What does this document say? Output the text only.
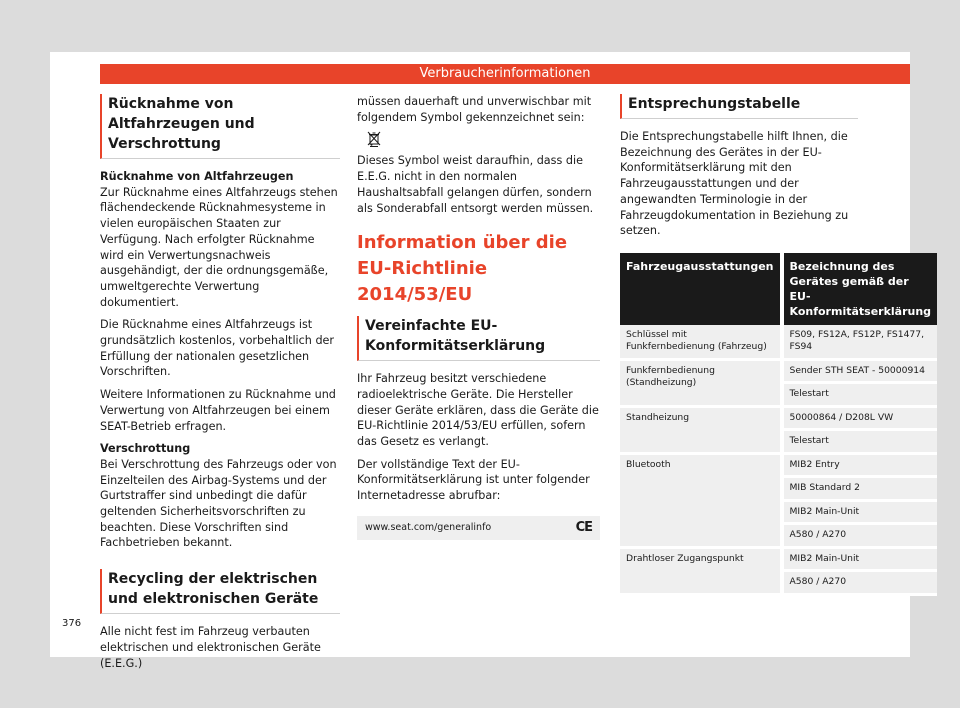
Verbraucherinformationen
Rücknahme von Altfahrzeugen und Verschrottung

Rücknahme von Altfahrzeugen

Zur Rücknahme eines Altfahrzeugs stehen flächendeckende Rücknahmesysteme in vielen europäischen Staaten zur Verfügung. Nach erfolgter Rücknahme wird ein Verwertungsnachweis ausgehändigt, der die ordnungsgemäße, umweltgerechte Verwertung dokumentiert.

Die Rücknahme eines Altfahrzeugs ist grundsätzlich kostenlos, vorbehaltlich der Erfüllung der nationalen gesetzlichen Vorschriften.

Weitere Informationen zu Rücknahme und Verwertung von Altfahrzeugen bei einem SEAT-Betrieb erfragen.

Verschrottung

Bei Verschrottung des Fahrzeugs oder von Einzelteilen des Airbag-Systems und der Gurtstraffer sind unbedingt die dafür geltenden Sicherheitsvorschriften zu beachten. Diese Vorschriften sind Fachbetrieben bekannt.

Recycling der elektrischen und elektronischen Geräte

Alle nicht fest im Fahrzeug verbauten elektrischen und elektronischen Geräte (E.E.G.)

müssen dauerhaft und unverwischbar mit folgendem Symbol gekennzeichnet sein:

Dieses Symbol weist daraufhin, dass die E.E.G. nicht in den normalen Haushaltsabfall gelangen dürfen, sondern als Sonderabfall entsorgt werden müssen.

Information über die EU-Richtlinie 2014/53/EU
Vereinfachte EU-Konformitätserklärung

Ihr Fahrzeug besitzt verschiedene radioelektrische Geräte. Die Hersteller dieser Geräte erklären, dass die Geräte die EU-Richtlinie 2014/53/EU erfüllen, sofern das Gesetz es verlangt.

Der vollständige Text der EU-Konformitätserklärung ist unter folgender Internetadresse abrufbar:

www.seat.com/generalinfo	CE
Entsprechungstabelle

Die Entsprechungstabelle hilft Ihnen, die Bezeichnung des Gerätes in der EU-Konformitätserklärung mit den Fahrzeugausstattungen und der angewandten Terminologie in der Fahrzeugdokumentation in Beziehung zu setzen.

Fahrzeugausstattungen	Bezeichnung des Gerätes gemäß der EU-Konformitätserklärung
Schlüssel mit Funkfernbedienung (Fahrzeug)	FS09, FS12A, FS12P, FS1477, FS94
Funkfernbedienung (Standheizung)	Sender STH SEAT - 50000914
	Telestart
Standheizung	50000864 / D208L VW
	Telestart
Bluetooth	MIB2 Entry
	MIB Standard 2
	MIB2 Main-Unit
	A580 / A270
Drahtloser Zugangspunkt	MIB2 Main-Unit
	A580 / A270
376
